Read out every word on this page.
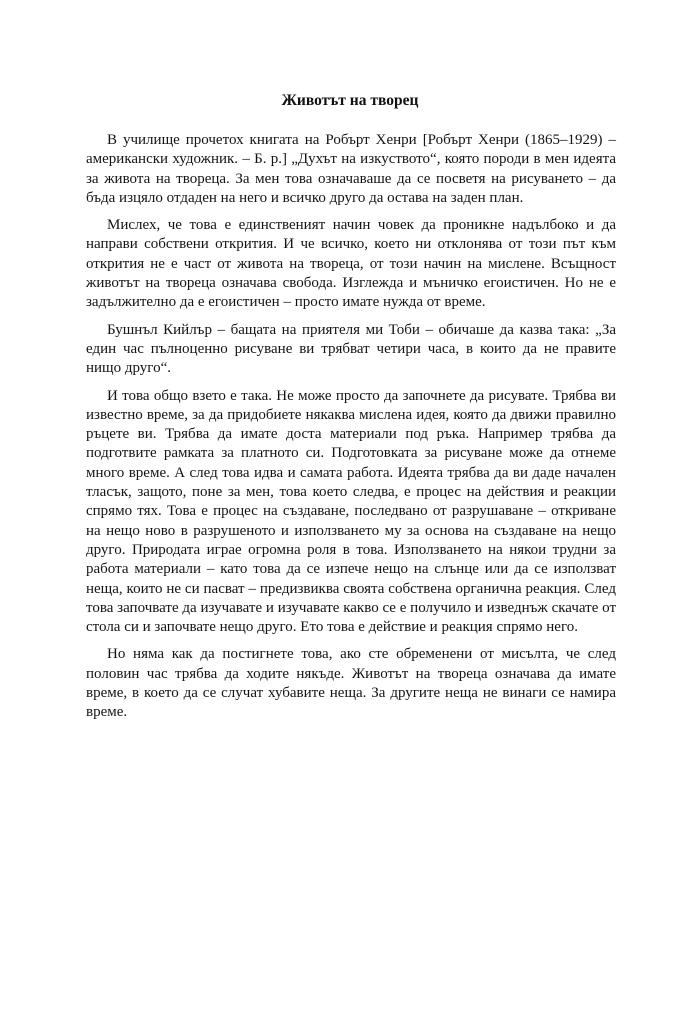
Животът на творец

В училище прочетох книгата на Робърт Хенри [Робърт Хенри (1865–1929) – американски художник. – Б. р.] „Духът на изкуството“, която породи в мен идеята за живота на твореца. За мен това означаваше да се посветя на рисуването – да бъда изцяло отдаден на него и всичко друго да остава на заден план.

Мислех, че това е единственият начин човек да проникне надълбоко и да направи собствени открития. И че всичко, което ни отклонява от този път към открития не е част от живота на твореца, от този начин на мислене. Всъщност животът на твореца означава свобода. Изглежда и мъничко егоистичен. Но не е задължително да е егоистичен – просто имате нужда от време.

Бушнъл Кийлър – бащата на приятеля ми Тоби – обичаше да казва така: „За един час пълноценно рисуване ви трябват четири часа, в които да не правите нищо друго“.

И това общо взето е така. Не може просто да започнете да рисувате. Трябва ви известно време, за да придобиете някаква мислена идея, която да движи правилно ръцете ви. Трябва да имате доста материали под ръка. Например трябва да подготвите рамката за платното си. Подготовката за рисуване може да отнеме много време. А след това идва и самата работа. Идеята трябва да ви даде начален тласък, защото, поне за мен, това което следва, е процес на действия и реакции спрямо тях. Това е процес на създаване, последвано от разрушаване – откриване на нещо ново в разрушеното и използването му за основа на създаване на нещо друго. Природата играе огромна роля в това. Използването на някои трудни за работа материали – като това да се изпече нещо на слънце или да се използват неща, които не си пасват – предизвиква своята собствена органична реакция. След това започвате да изучавате и изучавате какво се е получило и изведнъж скачате от стола си и започвате нещо друго. Ето това е действие и реакция спрямо него.

Но няма как да постигнете това, ако сте обременени от мисълта, че след половин час трябва да ходите някъде. Животът на твореца означава да имате време, в което да се случат хубавите неща. За другите неща не винаги се намира време.
